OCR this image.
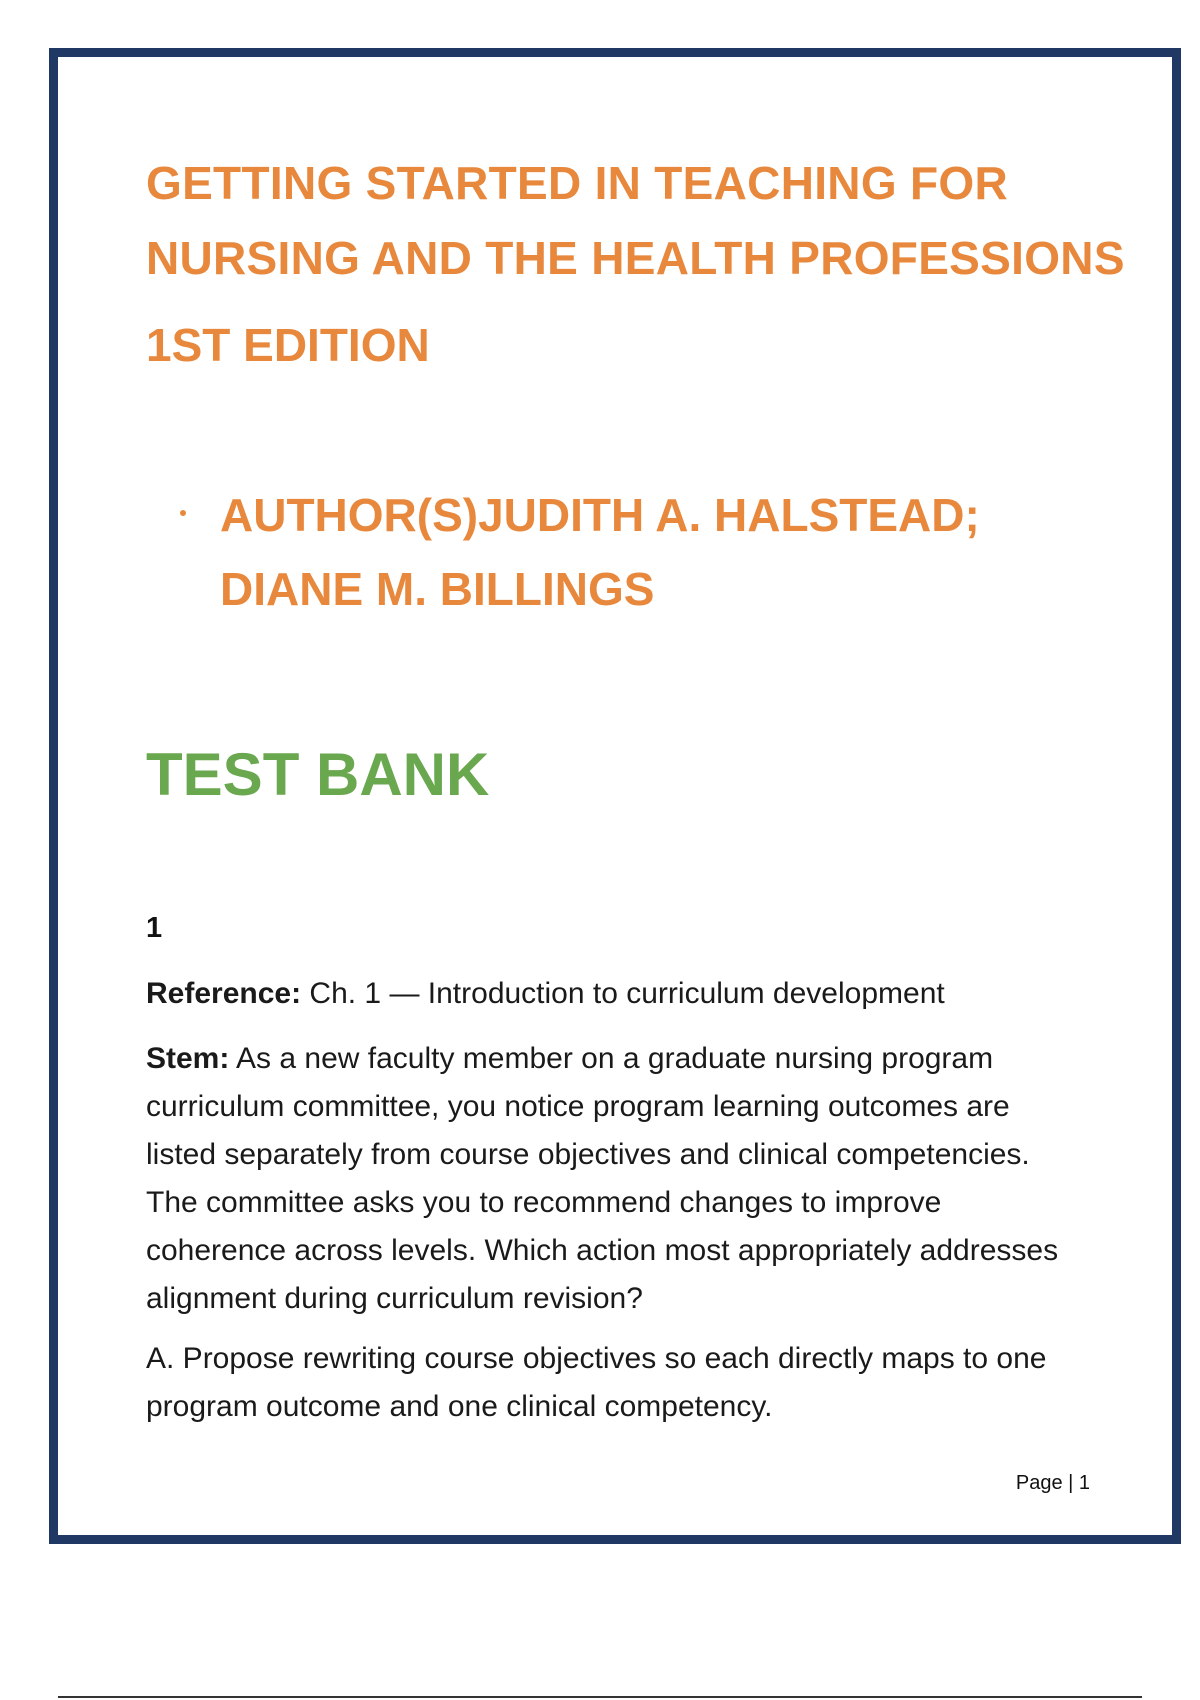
GETTING STARTED IN TEACHING FOR NURSING AND THE HEALTH PROFESSIONS
1ST EDITION

AUTHOR(S)JUDITH A. HALSTEAD; DIANE M. BILLINGS

TEST BANK
1

Reference: Ch. 1 — Introduction to curriculum development

Stem: As a new faculty member on a graduate nursing program curriculum committee, you notice program learning outcomes are listed separately from course objectives and clinical competencies. The committee asks you to recommend changes to improve coherence across levels. Which action most appropriately addresses alignment during curriculum revision?

A. Propose rewriting course objectives so each directly maps to one program outcome and one clinical competency.

Page | 1
